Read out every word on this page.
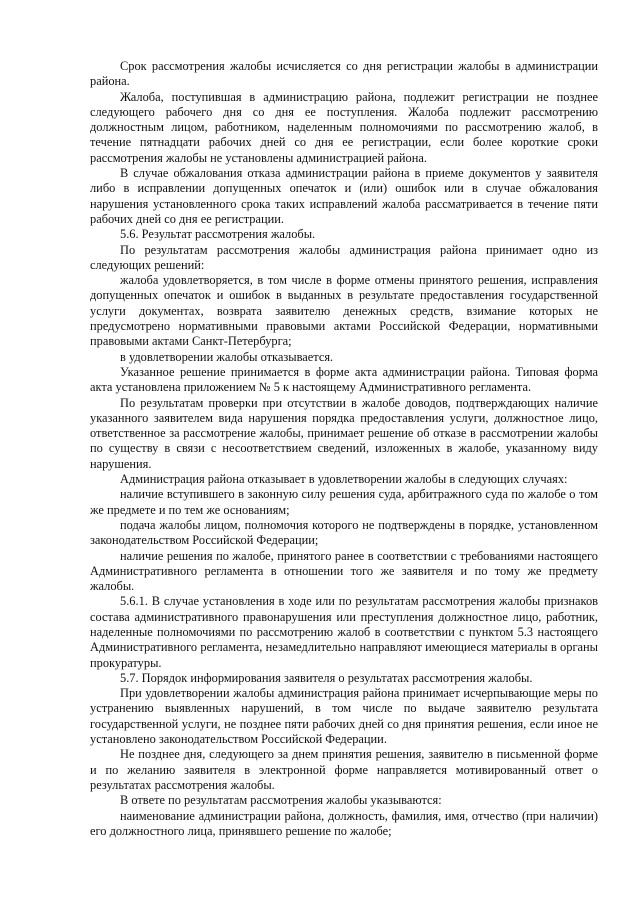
Срок рассмотрения жалобы исчисляется со дня регистрации жалобы в администрации района.

Жалоба, поступившая в администрацию района, подлежит регистрации не позднее следующего рабочего дня со дня ее поступления. Жалоба подлежит рассмотрению должностным лицом, работником, наделенным полномочиями по рассмотрению жалоб, в течение пятнадцати рабочих дней со дня ее регистрации, если более короткие сроки рассмотрения жалобы не установлены администрацией района.

В случае обжалования отказа администрации района в приеме документов у заявителя либо в исправлении допущенных опечаток и (или) ошибок или в случае обжалования нарушения установленного срока таких исправлений жалоба рассматривается в течение пяти рабочих дней со дня ее регистрации.

5.6. Результат рассмотрения жалобы.

По результатам рассмотрения жалобы администрация района принимает одно из следующих решений:

жалоба удовлетворяется, в том числе в форме отмены принятого решения, исправления допущенных опечаток и ошибок в выданных в результате предоставления государственной услуги документах, возврата заявителю денежных средств, взимание которых не предусмотрено нормативными правовыми актами Российской Федерации, нормативными правовыми актами Санкт-Петербурга;

в удовлетворении жалобы отказывается.

Указанное решение принимается в форме акта администрации района. Типовая форма акта установлена приложением № 5 к настоящему Административного регламента.

По результатам проверки при отсутствии в жалобе доводов, подтверждающих наличие указанного заявителем вида нарушения порядка предоставления услуги, должностное лицо, ответственное за рассмотрение жалобы, принимает решение об отказе в рассмотрении жалобы по существу в связи с несоответствием сведений, изложенных в жалобе, указанному виду нарушения.

Администрация района отказывает в удовлетворении жалобы в следующих случаях:

наличие вступившего в законную силу решения суда, арбитражного суда по жалобе о том же предмете и по тем же основаниям;

подача жалобы лицом, полномочия которого не подтверждены в порядке, установленном законодательством Российской Федерации;

наличие решения по жалобе, принятого ранее в соответствии с требованиями настоящего Административного регламента в отношении того же заявителя и по тому же предмету жалобы.

5.6.1. В случае установления в ходе или по результатам рассмотрения жалобы признаков состава административного правонарушения или преступления должностное лицо, работник, наделенные полномочиями по рассмотрению жалоб в соответствии с пунктом 5.3 настоящего Административного регламента, незамедлительно направляют имеющиеся материалы в органы прокуратуры.

5.7. Порядок информирования заявителя о результатах рассмотрения жалобы.

При удовлетворении жалобы администрация района принимает исчерпывающие меры по устранению выявленных нарушений, в том числе по выдаче заявителю результата государственной услуги, не позднее пяти рабочих дней со дня принятия решения, если иное не установлено законодательством Российской Федерации.

Не позднее дня, следующего за днем принятия решения, заявителю в письменной форме и по желанию заявителя в электронной форме направляется мотивированный ответ о результатах рассмотрения жалобы.

В ответе по результатам рассмотрения жалобы указываются:

наименование администрации района, должность, фамилия, имя, отчество (при наличии) его должностного лица, принявшего решение по жалобе;
